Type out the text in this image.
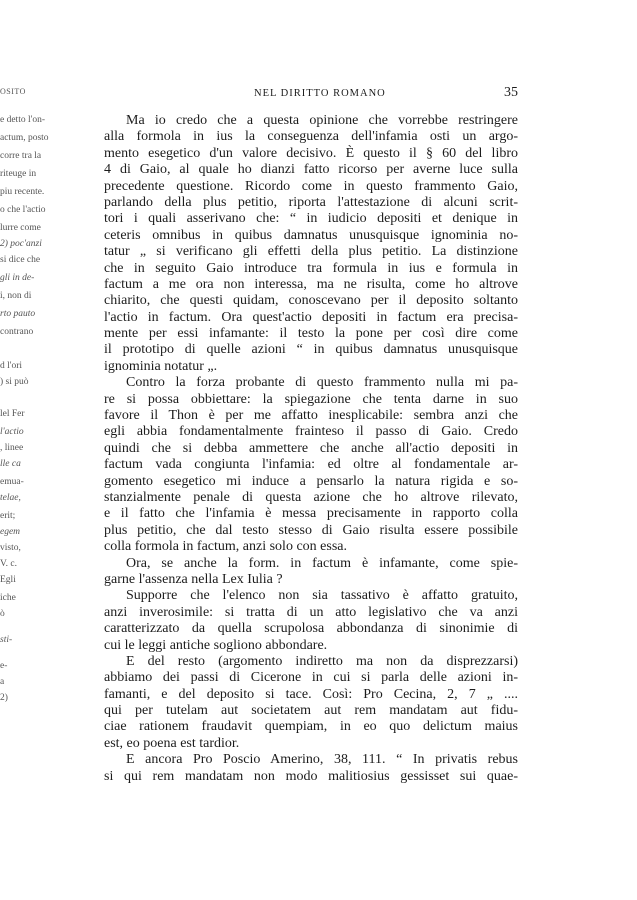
OSITO
e detto l'on-
actum, posto
corre tra la
riteuge in
piu recente.
o che l'actio
lurre come
2) poc'anzi
si dice che
gli in de-
i, non di
rto pauto
contrano
d l'ori
) si può
lel Fer
l'actio
, linee
lle ca
emua-
telae,
erit;
egem
visto,
V. c.
Egli
iche
ò
sti-
e-
a
2)
NEL DIRITTO ROMANO	35
Ma io credo che a questa opinione che vorrebbe restringere
alla formola in ius la conseguenza dell'infamia osti un argo-
mento esegetico d'un valore decisivo. È questo il § 60 del libro
4 di Gaio, al quale ho dianzi fatto ricorso per averne luce sulla
precedente questione. Ricordo come in questo frammento Gaio,
parlando della plus petitio, riporta l'attestazione di alcuni scrit-
tori i quali asserivano che: “ in iudicio depositi et denique in
ceteris omnibus in quibus damnatus unusquisque ignominia no-
tatur „ si verificano gli effetti della plus petitio. La distinzione
che in seguito Gaio introduce tra formula in ius e formula in
factum a me ora non interessa, ma ne risulta, come ho altrove
chiarito, che questi quidam, conoscevano per il deposito soltanto
l'actio in factum. Ora quest'actio depositi in factum era precisa-
mente per essi infamante: il testo la pone per così dire come
il prototipo di quelle azioni “ in quibus damnatus unusquisque
ignominia notatur „.
Contro la forza probante di questo frammento nulla mi pa-
re si possa obbiettare: la spiegazione che tenta darne in suo
favore il Thon è per me affatto inesplicabile: sembra anzi che
egli abbia fondamentalmente frainteso il passo di Gaio. Credo
quindi che si debba ammettere che anche all'actio depositi in
factum vada congiunta l'infamia: ed oltre al fondamentale ar-
gomento esegetico mi induce a pensarlo la natura rigida e so-
stanzialmente penale di questa azione che ho altrove rilevato,
e il fatto che l'infamia è messa precisamente in rapporto colla
plus petitio, che dal testo stesso di Gaio risulta essere possibile
colla formola in factum, anzi solo con essa.
Ora, se anche la form. in factum è infamante, come spie-
garne l'assenza nella Lex Iulia ?
Supporre che l'elenco non sia tassativo è affatto gratuito,
anzi inverosimile: si tratta di un atto legislativo che va anzi
caratterizzato da quella scrupolosa abbondanza di sinonimie di
cui le leggi antiche sogliono abbondare.
E del resto (argomento indiretto ma non da disprezzarsi)
abbiamo dei passi di Cicerone in cui si parla delle azioni in-
famanti, e del deposito si tace. Così: Pro Cecina, 2, 7 „ ....
qui per tutelam aut societatem aut rem mandatam aut fidu-
ciae rationem fraudavit quempiam, in eo quo delictum maius
est, eo poena est tardior.
E ancora Pro Poscio Amerino, 38, 111. “ In privatis rebus
si qui rem mandatam non modo malitiosius gessisset sui quae-
